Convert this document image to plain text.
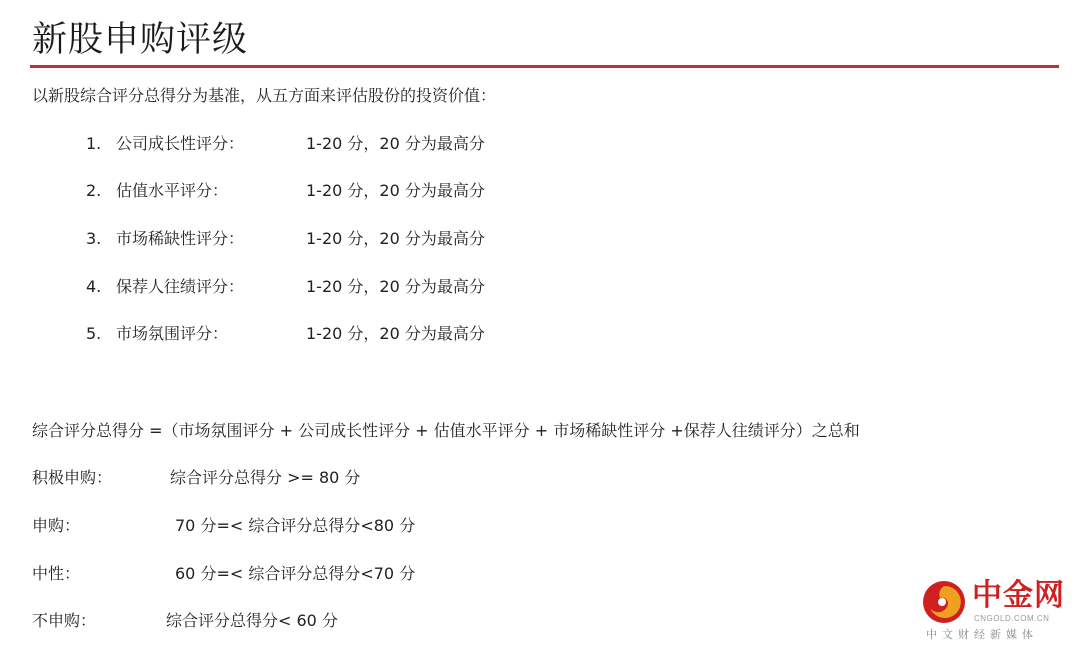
新股申购评级
以新股综合评分总得分为基准，从五方面来评估股份的投资价值：
1. 公司成长性评分：	1-20 分，20 分为最高分
2. 估值水平评分：	1-20 分，20 分为最高分
3. 市场稀缺性评分：	1-20 分，20 分为最高分
4. 保荐人往绩评分：	1-20 分，20 分为最高分
5. 市场氛围评分：	1-20 分，20 分为最高分
综合评分总得分 =（市场氛围评分 + 公司成长性评分 + 估值水平评分 + 市场稀缺性评分 +保荐人往绩评分）之总和
积极申购：	综合评分总得分 >= 80 分
申购：	70 分=< 综合评分总得分<80 分
中性：	60 分=< 综合评分总得分<70 分
不申购：	综合评分总得分< 60 分
中金网
CNGOLD.COM.CN
中文财经新媒体
